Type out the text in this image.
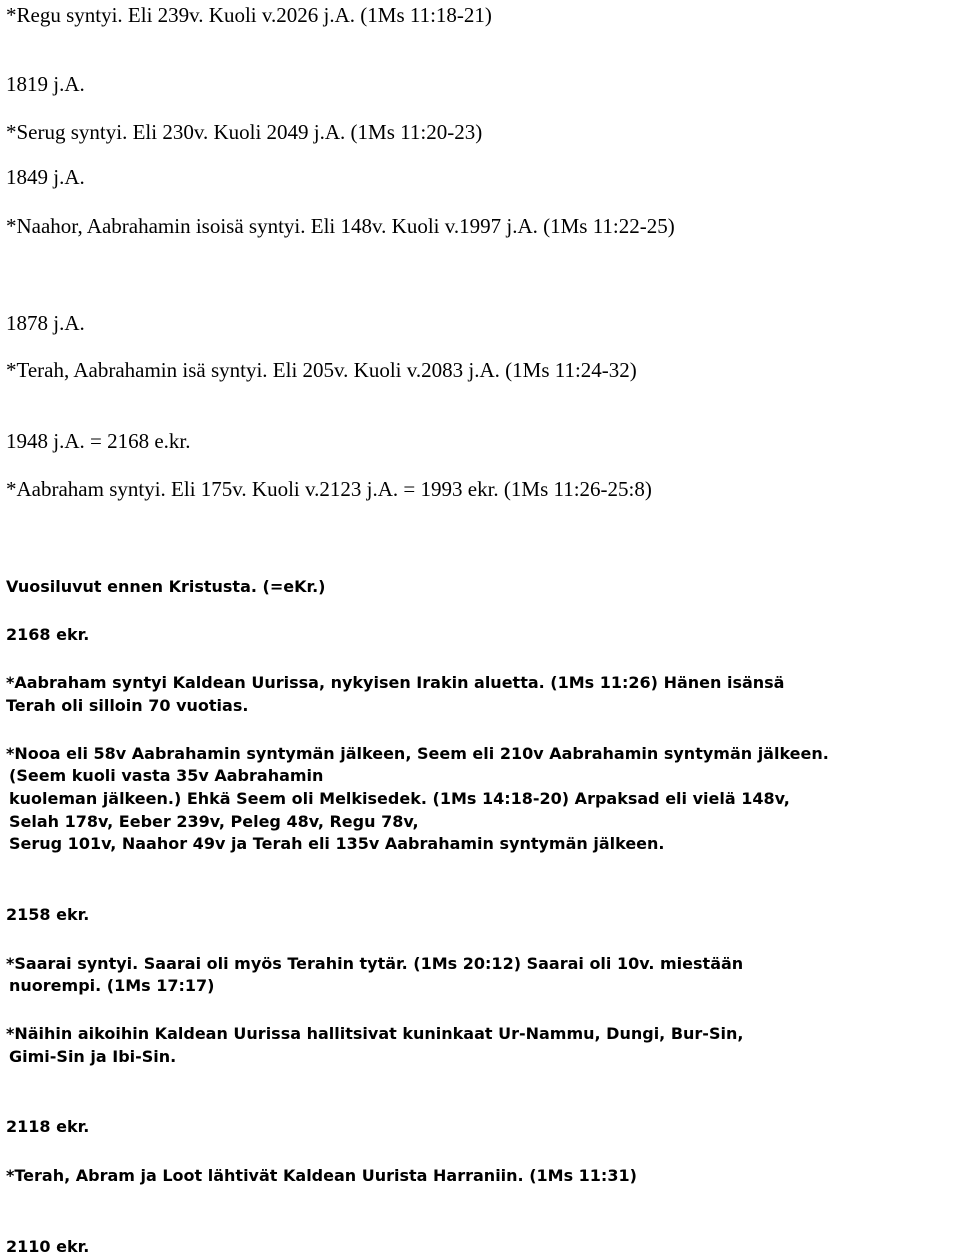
*Regu syntyi. Eli 239v. Kuoli v.2026 j.A. (1Ms 11:18-21)

1819 j.A.

*Serug syntyi. Eli 230v. Kuoli 2049 j.A. (1Ms 11:20-23)

1849 j.A.

*Naahor, Aabrahamin isoisä syntyi. Eli 148v. Kuoli v.1997 j.A. (1Ms 11:22-25)

1878 j.A.

*Terah, Aabrahamin isä syntyi. Eli 205v. Kuoli v.2083 j.A. (1Ms 11:24-32)

1948 j.A. = 2168 e.kr.

*Aabraham syntyi. Eli 175v. Kuoli v.2123 j.A. = 1993 ekr. (1Ms 11:26-25:8)

Vuosiluvut ennen Kristusta. (=eKr.)

2168 ekr.

*Aabraham syntyi Kaldean Uurissa, nykyisen Irakin aluetta. (1Ms 11:26) Hänen isänsä

Terah oli silloin 70 vuotias.

*Nooa eli 58v Aabrahamin syntymän jälkeen, Seem eli 210v Aabrahamin syntymän jälkeen.

(Seem kuoli vasta 35v Aabrahamin

kuoleman jälkeen.) Ehkä Seem oli Melkisedek. (1Ms 14:18-20) Arpaksad eli vielä 148v,

Selah 178v, Eeber 239v, Peleg 48v, Regu 78v,

Serug 101v, Naahor 49v ja Terah eli 135v Aabrahamin syntymän jälkeen.

2158 ekr.

*Saarai syntyi. Saarai oli myös Terahin tytär. (1Ms 20:12) Saarai oli 10v. miestään

nuorempi. (1Ms 17:17)

*Näihin aikoihin Kaldean Uurissa hallitsivat kuninkaat Ur-Nammu, Dungi, Bur-Sin,

Gimi-Sin ja Ibi-Sin.

2118 ekr.

*Terah, Abram ja Loot lähtivät Kaldean Uurista Harraniin. (1Ms 11:31)

2110 ekr.
